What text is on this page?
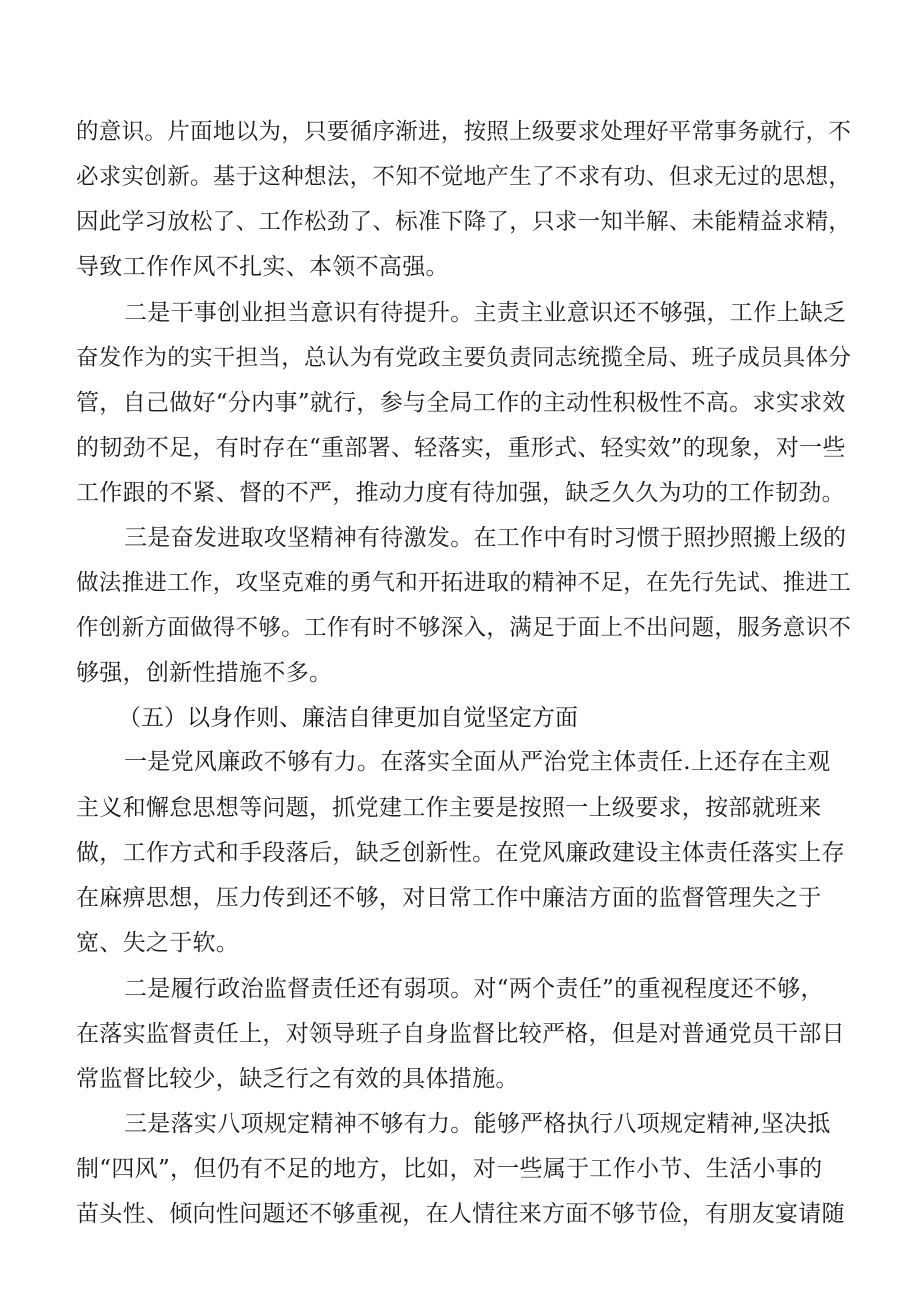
的意识。片面地以为，只要循序渐进，按照上级要求处理好平常事务就行，不
必求实创新。基于这种想法，不知不觉地产生了不求有功、但求无过的思想，
因此学习放松了、工作松劲了、标准下降了，只求一知半解、未能精益求精，
导致工作作风不扎实、本领不高强。
二是干事创业担当意识有待提升。主责主业意识还不够强，工作上缺乏
奋发作为的实干担当，总认为有党政主要负责同志统揽全局、班子成员具体分
管，自己做好“分内事”就行，参与全局工作的主动性积极性不高。求实求效
的韧劲不足，有时存在“重部署、轻落实，重形式、轻实效”的现象，对一些
工作跟的不紧、督的不严，推动力度有待加强，缺乏久久为功的工作韧劲。
三是奋发进取攻坚精神有待激发。在工作中有时习惯于照抄照搬上级的
做法推进工作，攻坚克难的勇气和开拓进取的精神不足，在先行先试、推进工
作创新方面做得不够。工作有时不够深入，满足于面上不出问题，服务意识不
够强，创新性措施不多。
（五）以身作则、廉洁自律更加自觉坚定方面
一是党风廉政不够有力。在落实全面从严治党主体责任.上还存在主观
主义和懈怠思想等问题，抓党建工作主要是按照一上级要求，按部就班来
做，工作方式和手段落后，缺乏创新性。在党风廉政建设主体责任落实上存
在麻痹思想，压力传到还不够，对日常工作中廉洁方面的监督管理失之于
宽、失之于软。
二是履行政治监督责任还有弱项。对“两个责任”的重视程度还不够，
在落实监督责任上，对领导班子自身监督比较严格，但是对普通党员干部日
常监督比较少，缺乏行之有效的具体措施。
三是落实八项规定精神不够有力。能够严格执行八项规定精神,坚决抵
制“四风”，但仍有不足的地方，比如，对一些属于工作小节、生活小事的
苗头性、倾向性问题还不够重视，在人情往来方面不够节俭，有朋友宴请随
